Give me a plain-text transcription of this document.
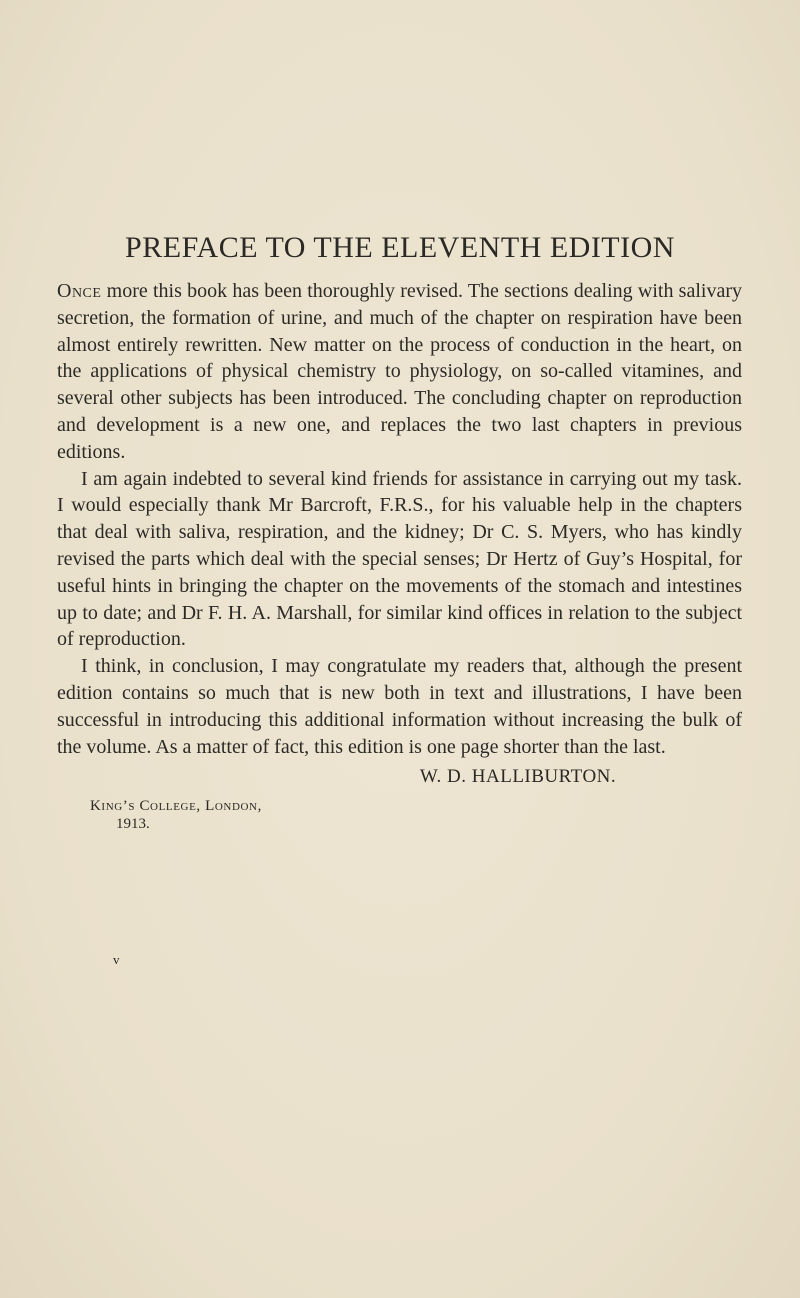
PREFACE TO THE ELEVENTH EDITION

Once more this book has been thoroughly revised. The sections dealing with salivary secretion, the formation of urine, and much of the chapter on respiration have been almost entirely rewritten. New matter on the process of conduction in the heart, on the applications of physical chemistry to physiology, on so-called vitamines, and several other subjects has been introduced. The concluding chapter on reproduction and development is a new one, and replaces the two last chapters in previous editions.

I am again indebted to several kind friends for assistance in carrying out my task. I would especially thank Mr Barcroft, F.R.S., for his valuable help in the chapters that deal with saliva, respiration, and the kidney; Dr C. S. Myers, who has kindly revised the parts which deal with the special senses; Dr Hertz of Guy’s Hospital, for useful hints in bringing the chapter on the movements of the stomach and intestines up to date; and Dr F. H. A. Marshall, for similar kind offices in relation to the subject of reproduction.

I think, in conclusion, I may congratulate my readers that, although the present edition contains so much that is new both in text and illustrations, I have been successful in introducing this additional information without increasing the bulk of the volume. As a matter of fact, this edition is one page shorter than the last.

W. D. HALLIBURTON.
King’s College, London,
1913.
v
